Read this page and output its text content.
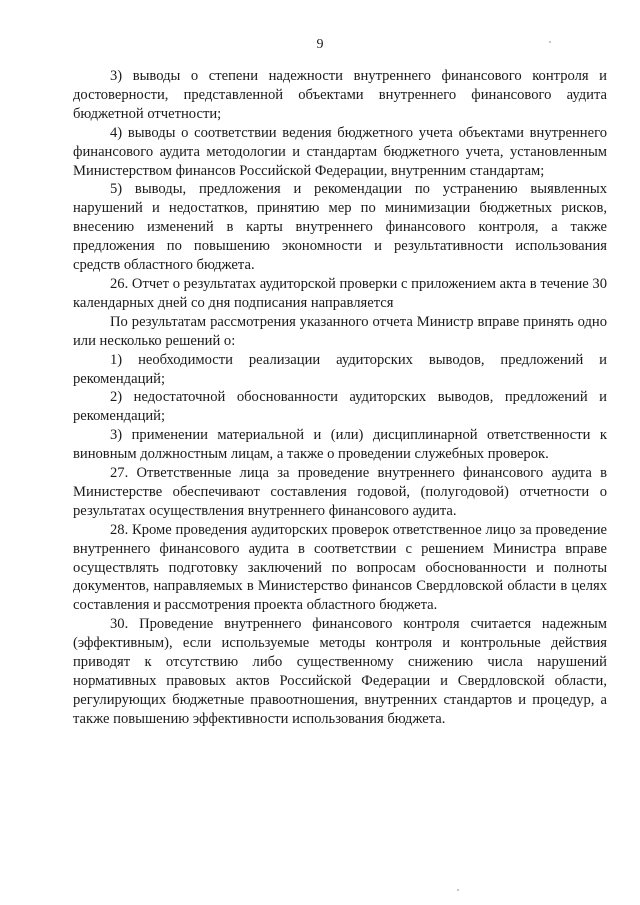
9

3) выводы о степени надежности внутреннего финансового контроля и достоверности, представленной объектами внутреннего финансового аудита бюджетной отчетности;

4) выводы о соответствии ведения бюджетного учета объектами внутреннего финансового аудита методологии и стандартам бюджетного учета, установленным Министерством финансов Российской Федерации, внутренним стандартам;

5) выводы, предложения и рекомендации по устранению выявленных нарушений и недостатков, принятию мер по минимизации бюджетных рисков, внесению изменений в карты внутреннего финансового контроля, а также предложения по повышению экономности и результативности использования средств областного бюджета.

26. Отчет о результатах аудиторской проверки с приложением акта в течение 30 календарных дней со дня подписания направляется

По результатам рассмотрения указанного отчета Министр вправе принять одно или несколько решений о:

1) необходимости реализации аудиторских выводов, предложений и рекомендаций;

2) недостаточной обоснованности аудиторских выводов, предложений и рекомендаций;

3) применении материальной и (или) дисциплинарной ответственности к виновным должностным лицам, а также о проведении служебных проверок.

27. Ответственные лица за проведение внутреннего финансового аудита в Министерстве обеспечивают составления годовой, (полугодовой) отчетности о результатах осуществления внутреннего финансового аудита.

28. Кроме проведения аудиторских проверок ответственное лицо за проведение внутреннего финансового аудита в соответствии с решением Министра вправе осуществлять подготовку заключений по вопросам обоснованности и полноты документов, направляемых в Министерство финансов Свердловской области в целях составления и рассмотрения проекта областного бюджета.

30. Проведение внутреннего финансового контроля считается надежным (эффективным), если используемые методы контроля и контрольные действия приводят к отсутствию либо существенному снижению числа нарушений нормативных правовых актов Российской Федерации и Свердловской области, регулирующих бюджетные правоотношения, внутренних стандартов и процедур, а также повышению эффективности использования бюджета.
